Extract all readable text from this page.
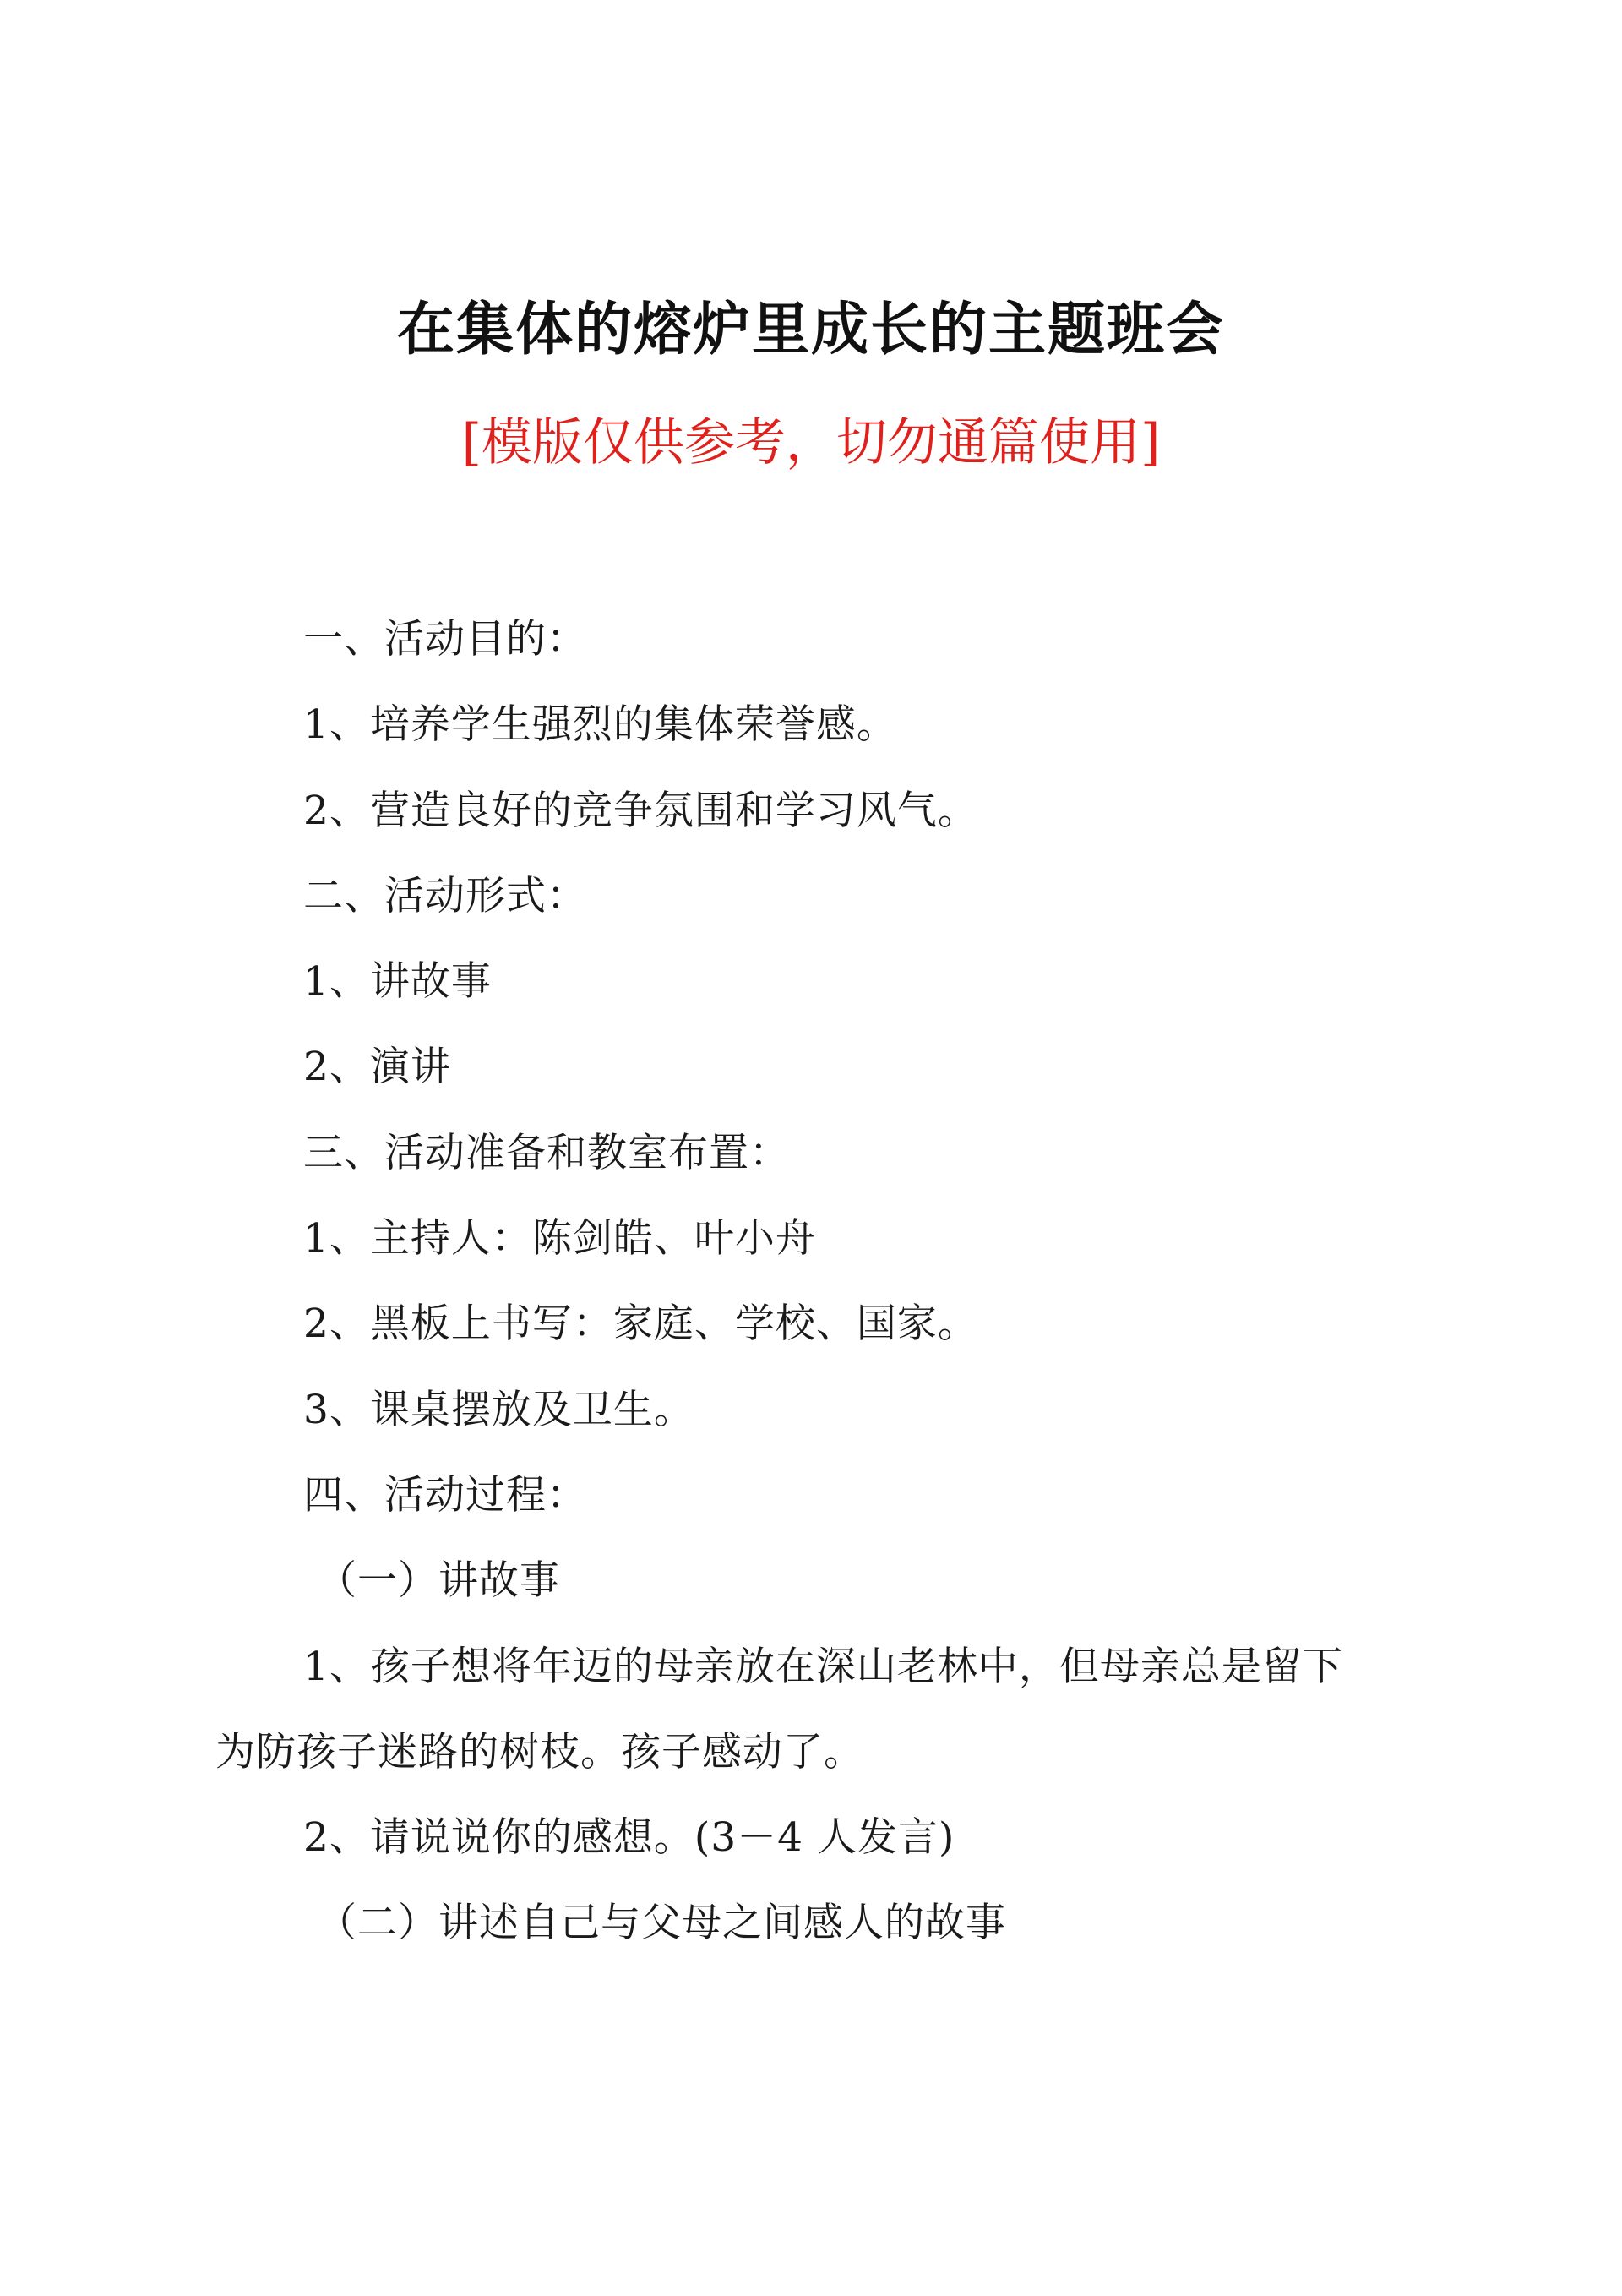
在集体的熔炉里成长的主题班会
[模版仅供参考，切勿通篇使用]

一、活动目的：

1、培养学生强烈的集体荣誉感。

2、营造良好的竞争氛围和学习风气。

二、活动形式：

1、讲故事

2、演讲

三、活动准备和教室布置：

1、主持人：陈剑皓、叶小舟

2、黑板上书写：家庭、学校、国家。

3、课桌摆放及卫生。

四、活动过程：

（一）讲故事

1、孩子想将年迈的母亲放在深山老林中，但母亲总是留下

为防孩子迷路的树枝。孩子感动了。

2、请说说你的感想。(3－4 人发言)

（二）讲述自己与父母之间感人的故事
